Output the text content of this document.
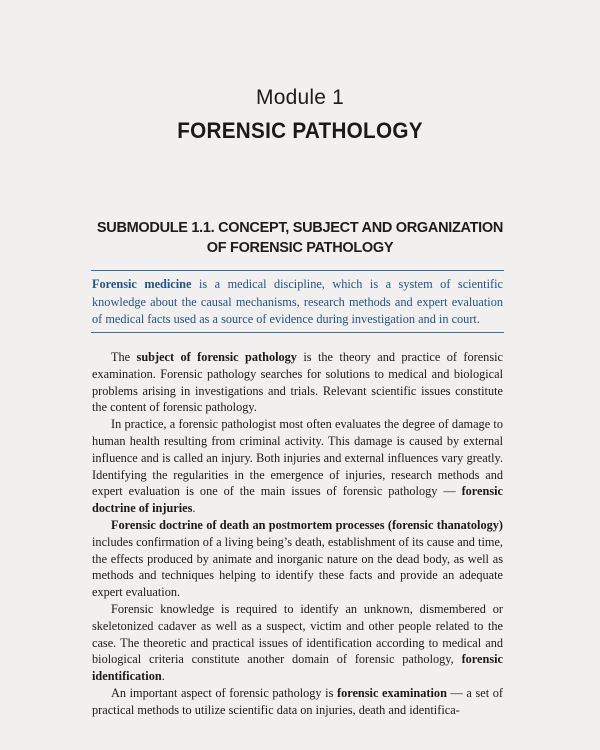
Module 1
FORENSIC PATHOLOGY
SUBMODULE 1.1. CONCEPT, SUBJECT AND ORGANIZATION OF FORENSIC PATHOLOGY
Forensic medicine is a medical discipline, which is a system of scientific knowledge about the causal mechanisms, research methods and expert evaluation of medical facts used as a source of evidence during investigation and in court.

The subject of forensic pathology is the theory and practice of forensic examination. Forensic pathology searches for solutions to medical and biological problems arising in investigations and trials. Relevant scientific issues constitute the content of forensic pathology.

In practice, a forensic pathologist most often evaluates the degree of damage to human health resulting from criminal activity. This damage is caused by external influence and is called an injury. Both injuries and external influences vary greatly. Identifying the regularities in the emergence of injuries, research methods and expert evaluation is one of the main issues of forensic pathology — forensic doctrine of injuries.

Forensic doctrine of death an postmortem processes (forensic thanatology) includes confirmation of a living being’s death, establishment of its cause and time, the effects produced by animate and inorganic nature on the dead body, as well as methods and techniques helping to identify these facts and provide an adequate expert evaluation.

Forensic knowledge is required to identify an unknown, dismembered or skeletonized cadaver as well as a suspect, victim and other people related to the case. The theoretic and practical issues of identification according to medical and biological criteria constitute another domain of forensic pathology, forensic identification.

An important aspect of forensic pathology is forensic examination — a set of practical methods to utilize scientific data on injuries, death and identifica-
